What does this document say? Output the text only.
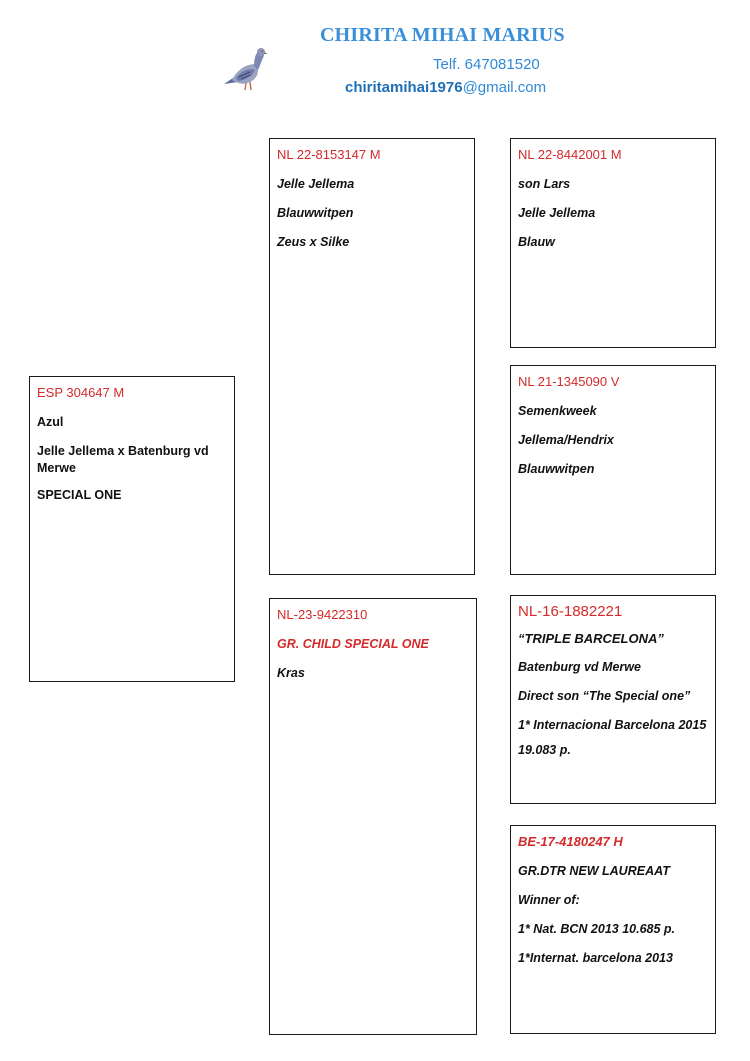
CHIRITA MIHAI MARIUS
Telf. 647081520
chiritamihai1976@gmail.com
ESP 304647 M
Azul
Jelle Jellema x Batenburg vd Merwe
SPECIAL ONE
NL 22-8153147 M
Jelle Jellema
Blauwwitpen
Zeus x Silke
NL-23-9422310
GR. CHILD SPECIAL ONE
Kras
NL 22-8442001 M
son Lars
Jelle Jellema
Blauw
NL 21-1345090 V
Semenkweek
Jellema/Hendrix
Blauwwitpen
NL-16-1882221
“TRIPLE BARCELONA”
Batenburg vd Merwe
Direct son “The Special one”
1* Internacional Barcelona 2015
19.083 p.
BE-17-4180247 H
GR.DTR NEW LAUREAAT
Winner of:
1* Nat. BCN 2013 10.685 p.
1*Internat. barcelona 2013
